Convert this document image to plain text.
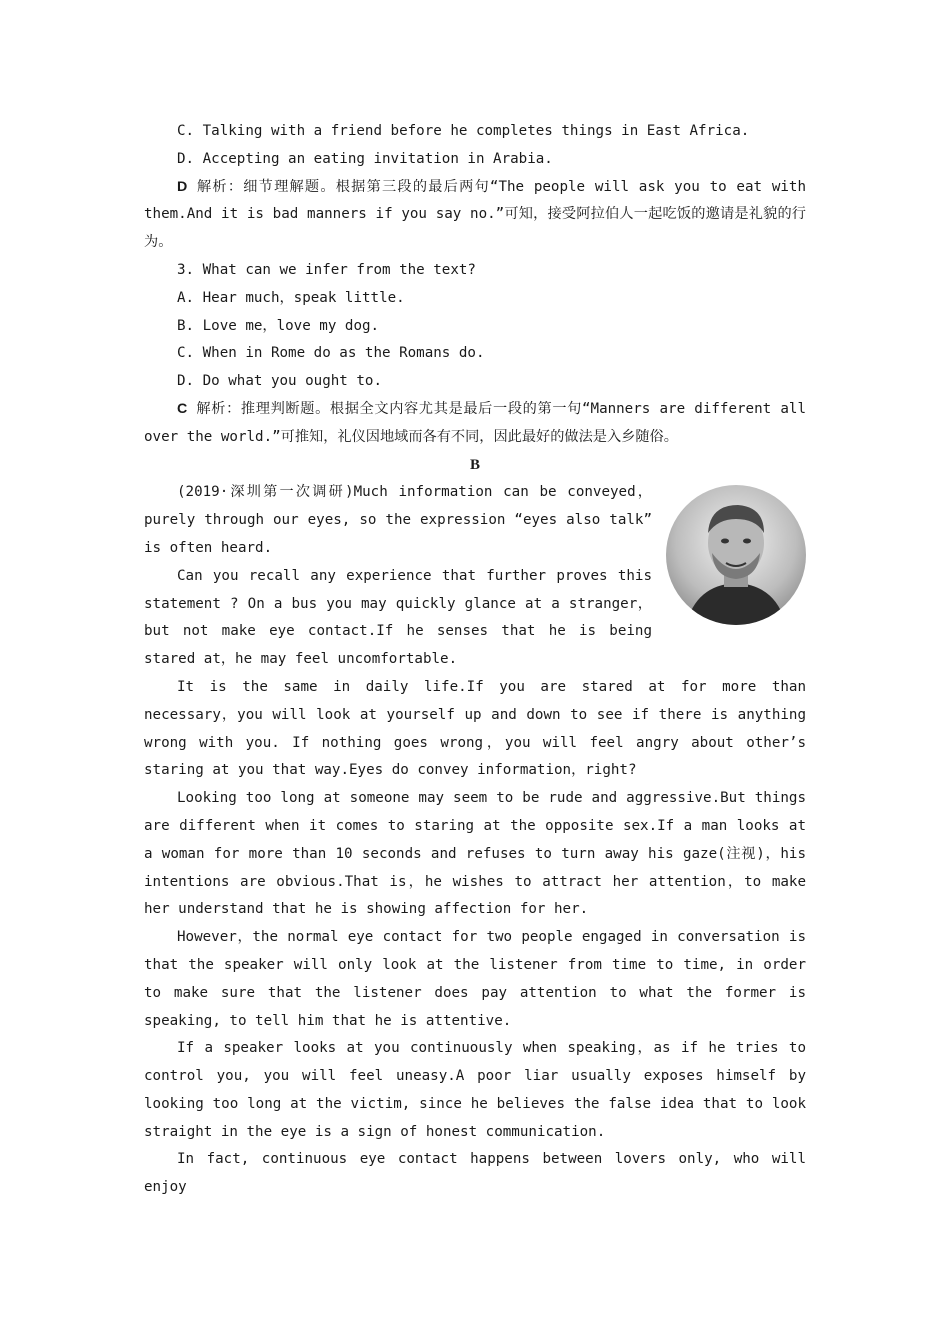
C. Talking with a friend before he completes things in East Africa.

D. Accepting an eating invitation in Arabia.

D 解析：细节理解题。根据第三段的最后两句“The people will ask you to eat with them.And it is bad manners if you say no.”可知，接受阿拉伯人一起吃饭的邀请是礼貌的行为。

3. What can we infer from the text?

A. Hear much，speak little.

B. Love me，love my dog.

C. When in Rome do as the Romans do.

D. Do what you ought to.

C 解析：推理判断题。根据全文内容尤其是最后一段的第一句“Manners are different all over the world.”可推知，礼仪因地域而各有不同，因此最好的做法是入乡随俗。

B

(2019·深圳第一次调研)Much information can be conveyed，purely through our eyes, so the expression “eyes also talk” is often heard.

Can you recall any experience that further proves this statement ? On a bus you may quickly glance at a stranger，but not make eye contact.If he senses that he is being stared at，he may feel uncomfortable.

It is the same in daily life.If you are stared at for more than necessary，you will look at yourself up and down to see if there is anything wrong with you. If nothing goes wrong，you will feel angry about other’s staring at you that way.Eyes do convey information，right?

Looking too long at someone may seem to be rude and aggressive.But things are different when it comes to staring at the opposite sex.If a man looks at a woman for more than 10 seconds and refuses to turn away his gaze(注视)，his intentions are obvious.That is，he wishes to attract her attention，to make her understand that he is showing affection for her.

However，the normal eye contact for two people engaged in conversation is that the speaker will only look at the listener from time to time, in order to make sure that the listener does pay attention to what the former is speaking, to tell him that he is attentive.

If a speaker looks at you continuously when speaking，as if he tries to control you, you will feel uneasy.A poor liar usually exposes himself by looking too long at the victim, since he believes the false idea that to look straight in the eye is a sign of honest communication.

In fact, continuous eye contact happens between lovers only, who will enjoy
